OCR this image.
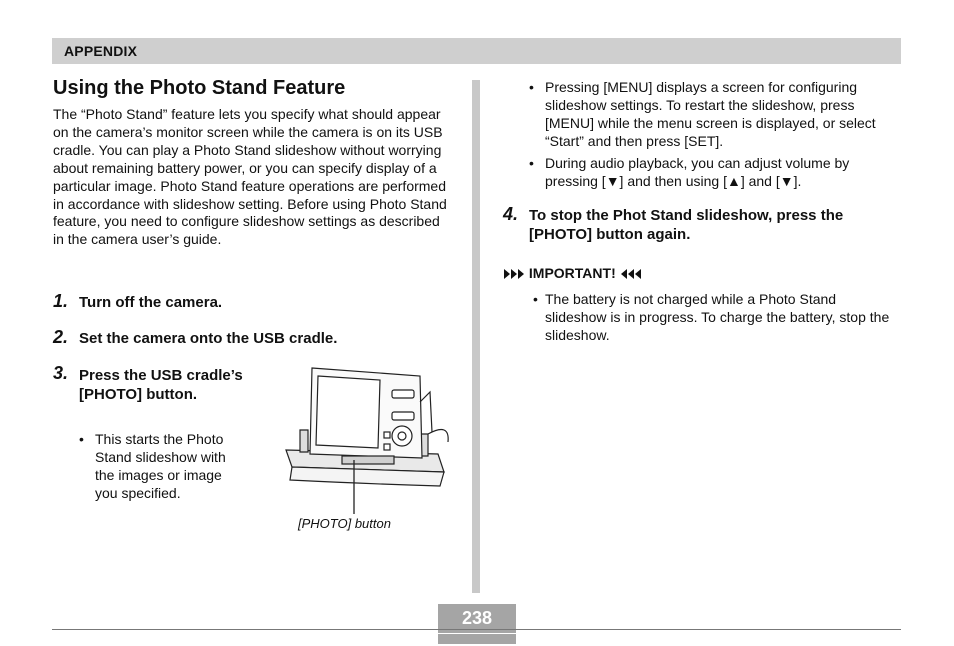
APPENDIX
Using the Photo Stand Feature

The “Photo Stand” feature lets you specify what should appear on the camera’s monitor screen while the camera is on its USB cradle. You can play a Photo Stand slideshow without worrying about remaining battery power, or you can specify display of a particular image. Photo Stand feature operations are performed in accordance with slideshow setting. Before using Photo Stand feature, you need to configure slideshow settings as described in the camera user’s guide.

1. Turn off the camera.
2. Set the camera onto the USB cradle.
3. Press the USB cradle’s [PHOTO] button.
• This starts the Photo Stand slideshow with the images or image you specified.
[PHOTO] button
• Pressing [MENU] displays a screen for configuring slideshow settings. To restart the slideshow, press [MENU] while the menu screen is displayed, or select “Start” and then press [SET].
• During audio playback, you can adjust volume by pressing [▼] and then using [▲] and [▼].
4. To stop the Phot Stand slideshow, press the [PHOTO] button again.
IMPORTANT!
• The battery is not charged while a Photo Stand slideshow is in progress. To charge the battery, stop the slideshow.
238
